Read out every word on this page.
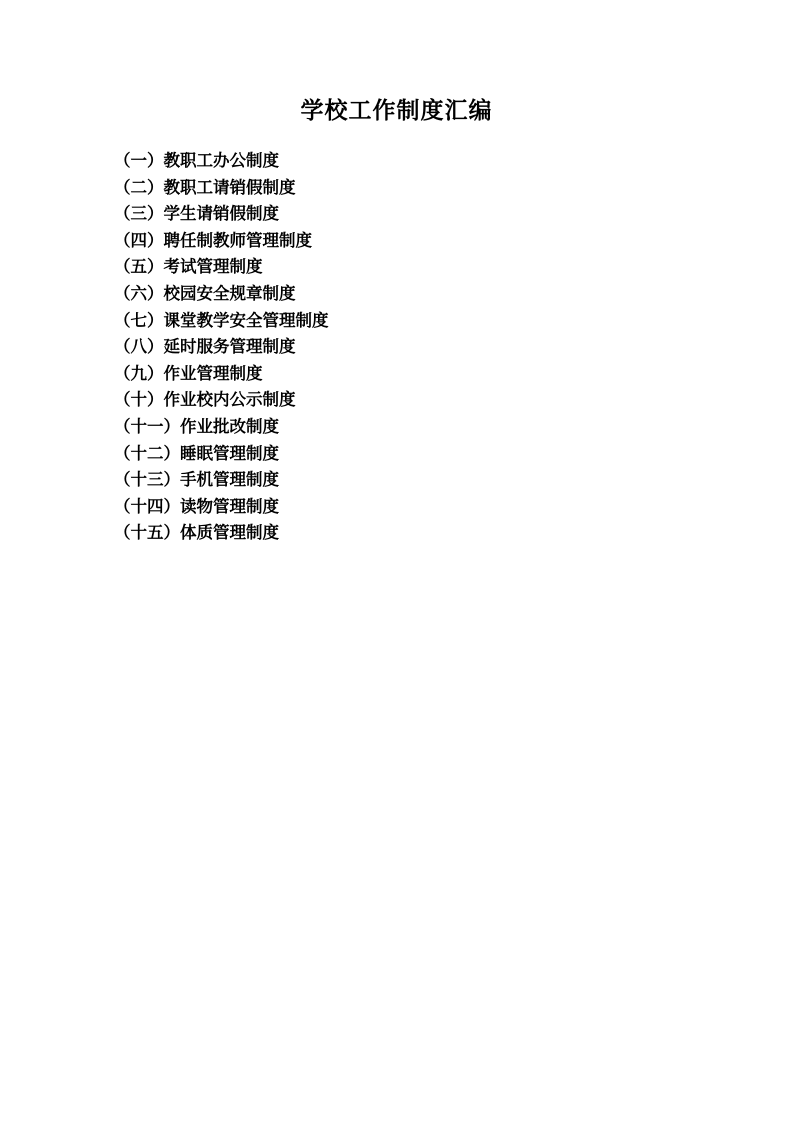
学校工作制度汇编
（一）教职工办公制度
（二）教职工请销假制度
（三）学生请销假制度
（四）聘任制教师管理制度
（五）考试管理制度
（六）校园安全规章制度
（七）课堂教学安全管理制度
（八）延时服务管理制度
（九）作业管理制度
（十）作业校内公示制度
（十一）作业批改制度
（十二）睡眠管理制度
（十三）手机管理制度
（十四）读物管理制度
（十五）体质管理制度
